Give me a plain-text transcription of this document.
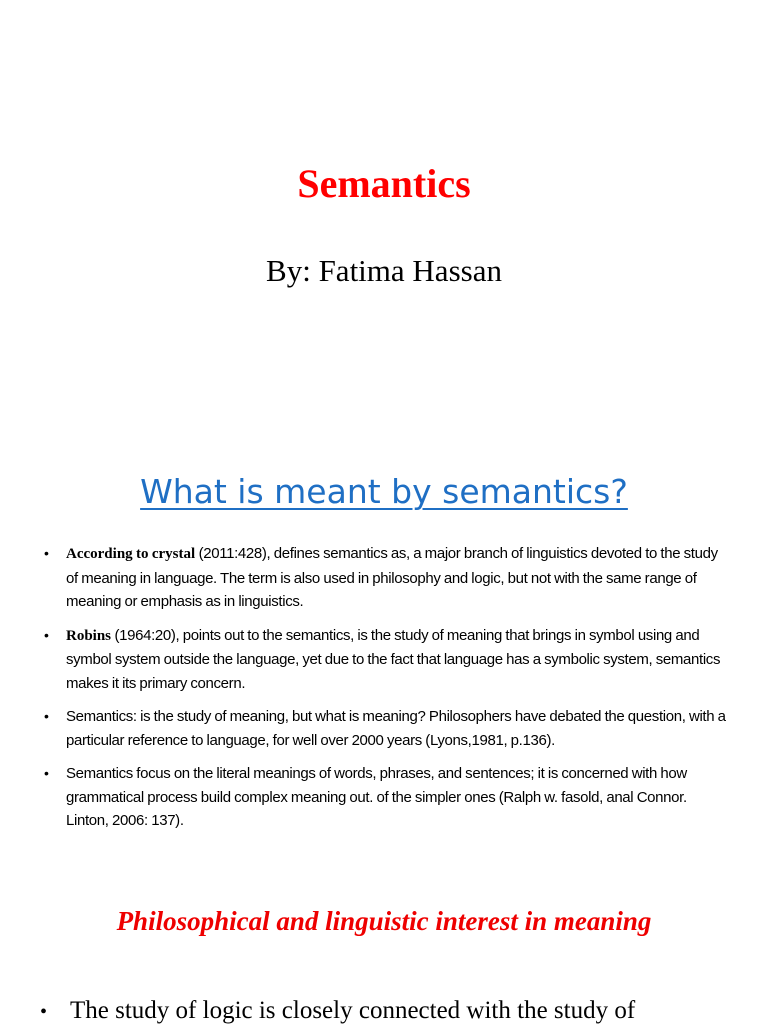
Semantics
By: Fatima Hassan
What is meant by semantics?
• According to crystal (2011:428), defines semantics as, a major branch of linguistics devoted to the study of meaning in language. The term is also used in philosophy and logic, but not with the same range of meaning or emphasis as in linguistics.
• Robins (1964:20), points out to the semantics, is the study of meaning that brings in symbol using and symbol system outside the language, yet due to the fact that language has a symbolic system, semantics makes it its primary concern.
• Semantics: is the study of meaning, but what is meaning? Philosophers have debated the question, with a particular reference to language, for well over 2000 years (Lyons,1981, p.136).
• Semantics focus on the literal meanings of words, phrases, and sentences; it is concerned with how grammatical process build complex meaning out. of the simpler ones (Ralph w. fasold, anal Connor. Linton, 2006: 137).
Philosophical and linguistic interest in meaning
• The study of logic is closely connected with the study of
